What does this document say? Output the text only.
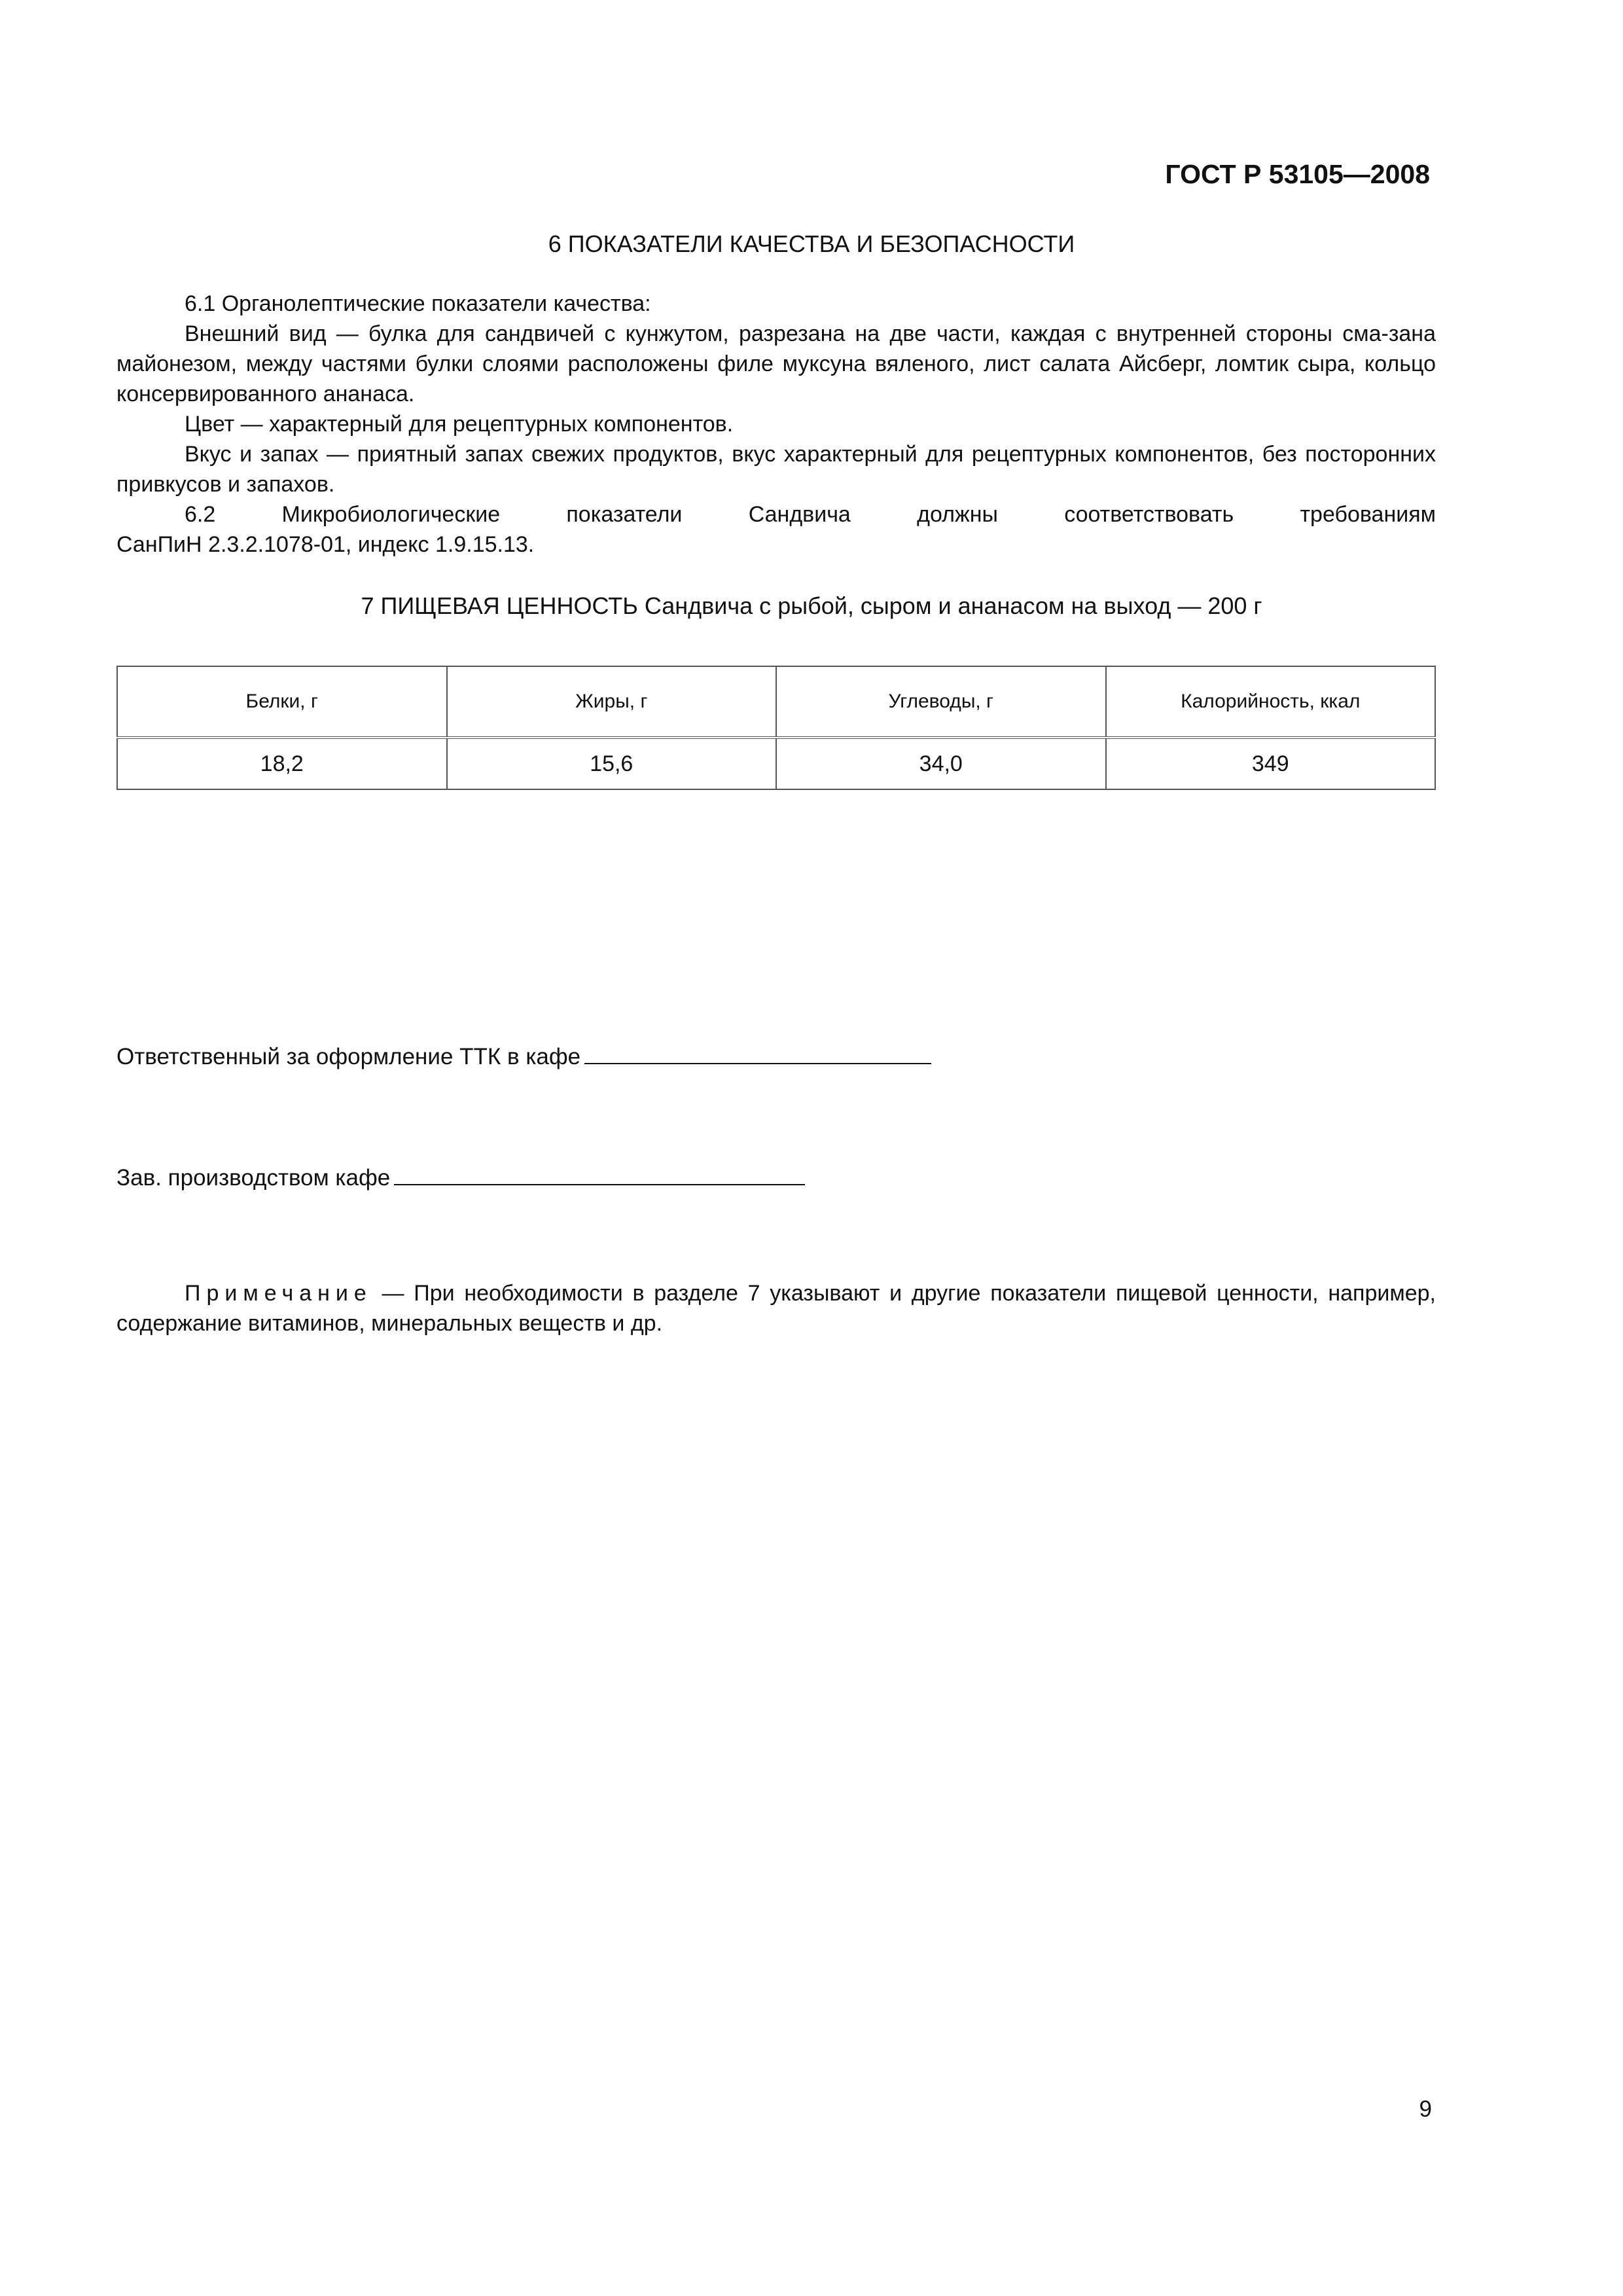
ГОСТ Р 53105—2008
6 ПОКАЗАТЕЛИ КАЧЕСТВА И БЕЗОПАСНОСТИ

6.1 Органолептические показатели качества:

Внешний вид — булка для сандвичей с кунжутом, разрезана на две части, каждая с внутренней стороны сма-зана майонезом, между частями булки слоями расположены филе муксуна вяленого, лист салата Айсберг, ломтик сыра, кольцо консервированного ананаса.

Цвет — характерный для рецептурных компонентов.

Вкус и запах — приятный запах свежих продуктов, вкус характерный для рецептурных компонентов, без посторонних привкусов и запахов.

6.2 Микробиологические показатели Сандвича должны соответствовать требованиям

СанПиН 2.3.2.1078-01, индекс 1.9.15.13.

7 ПИЩЕВАЯ ЦЕННОСТЬ Сандвича с рыбой, сыром и ананасом на выход — 200 г
Белки, г	Жиры, г	Углеводы, г	Калорийность, ккал
18,2	15,6	34,0	349
Ответственный за оформление ТТК в кафе
Зав. производством кафе

Примечание — При необходимости в разделе 7 указывают и другие показатели пищевой ценности, например, содержание витаминов, минеральных веществ и др.

9
